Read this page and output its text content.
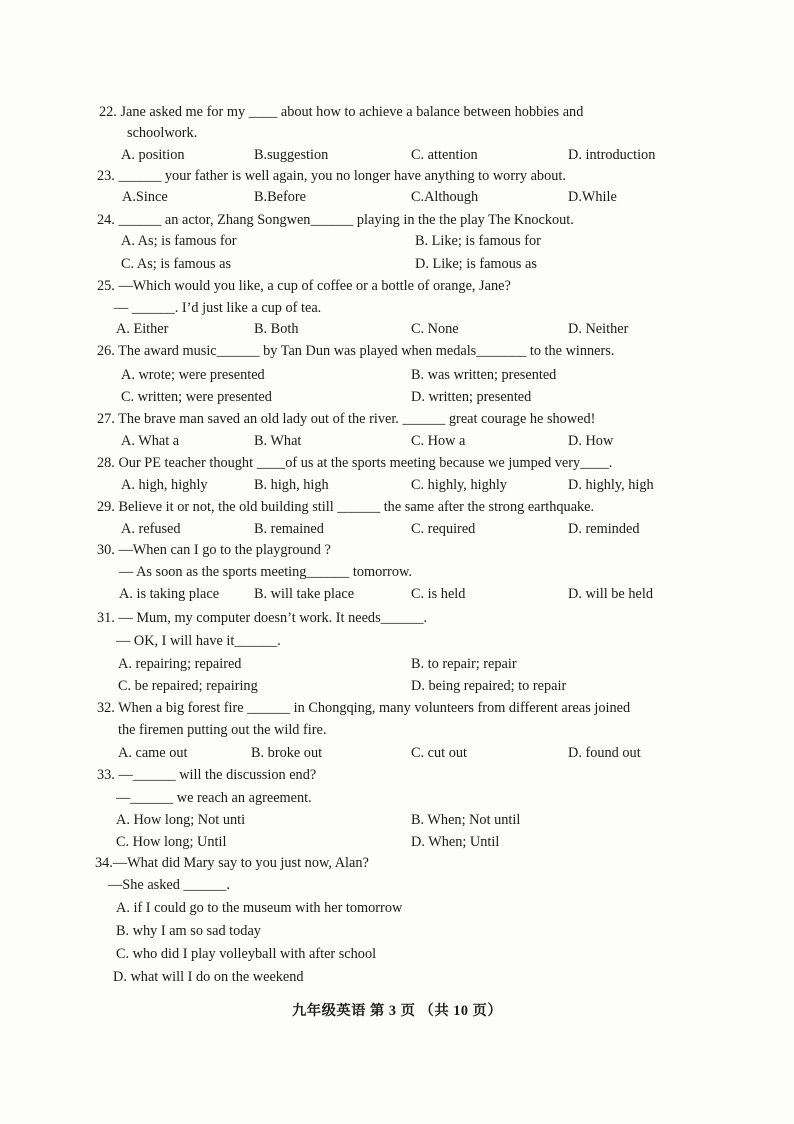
22. Jane asked me for my ____ about how to achieve a balance between hobbies and
schoolwork.
A. position	B.suggestion	C. attention	D. introduction
23. ______ your father is well again, you no longer have anything to worry about.
A.Since	B.Before	C.Although	D.While
24. ______ an actor, Zhang Songwen______ playing in the the play The Knockout.
A. As; is famous for	B. Like; is famous for
C. As; is famous as	D. Like; is famous as
25. —Which would you like, a cup of coffee or a bottle of orange, Jane?
— ______. I’d just like a cup of tea.
A. Either	B. Both	C. None	D. Neither
26. The award music______ by Tan Dun was played when medals_______ to the winners.
A. wrote; were presented	B. was written; presented
C. written; were presented	D. written; presented
27. The brave man saved an old lady out of the river. ______ great courage he showed!
A. What a	B. What	C. How a	D. How
28. Our PE teacher thought ____of us at the sports meeting because we jumped very____.
A. high, highly	B. high, high	C. highly, highly	D. highly, high
29. Believe it or not, the old building still ______ the same after the strong earthquake.
A. refused	B. remained	C. required	D. reminded
30. —When can I go to the playground ?
— As soon as the sports meeting______ tomorrow.
A. is taking place B. will take place	C. is held	D. will be held
31. — Mum, my computer doesn’t work. It needs______.
— OK, I will have it______.
A. repairing; repaired	B. to repair; repair
C. be repaired; repairing	D. being repaired; to repair
32. When a big forest fire ______ in Chongqing, many volunteers from different areas joined
the firemen putting out the wild fire.
A. came out	B. broke out	C. cut out	D. found out
33. —______ will the discussion end?
—______ we reach an agreement.
A. How long; Not unti	B. When; Not until
C. How long; Until	D. When; Until
34.—What did Mary say to you just now, Alan?
—She asked ______.
A. if I could go to the museum with her tomorrow
B. why I am so sad today
C. who did I play volleyball with after school
D. what will I do on the weekend
九年级英语 第 3 页 （共 10 页）
